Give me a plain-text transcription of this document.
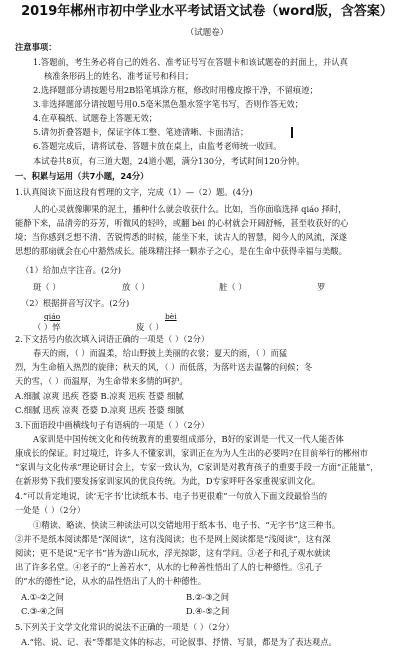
2019年郴州市初中学业水平考试语文试卷（word版，含答案）
（试题卷）
注意事项：
1.答题前，考生务必将自己的姓名、准考证号写在答题卡和该试题卷的封面上，并认真
核准条形码上的姓名、准考证号和科目；
2.选择题部分请按题号用2B铅笔填涂方框，修改时用橡皮擦干净，不留痕迹；
3.非选择题部分请按题号用0.5毫米黑色墨水签字笔书写，否则作答无效；
4.在草稿纸、试题卷上答题无效；
5.请勿折叠答题卡，保证字体工整、笔迹清晰、卡面清洁；
6.答题完成后，请将试卷、答题卡放在桌上，由监考老师统一收回。
本试卷共8页，有三道大题，24道小题，满分130分，考试时间120分钟。
一、积累与运用（共7小题，24分）
1.认真阅读下面这段有哲理的文字，完成（1）—（2）题。(4分)
人的心灵就像聊果的泥土，播种什么就会收获什么。比如，当你面临选择 qiáo 择时，
能静下来，品清旁的芬芳，听微风的轻吟，或翻 bèi 的心材就会开阔舒畅，甚至收获好的心
境；当你感到乏想不清、苦锐愕悉的时候，能坐下来，读古人的智慧，阅今人的风流，深遂
思想的那扇就会在心中豁然成长。能珠精注择一颗赤子之心，是在生命中获得幸福与美酸。
（1）给加点字注音。(2分)
斑（ ）	放（ ）	脏（ ）	罗
（2）根据拼音写汉字。(2分)
qiáo	bèi
（ ）悴	废（ ）
2.下文括号内依次填入词语正确的一项是（ ）（2分）
春天的雨，（ ）而温柔，给山野披上美丽的衣裳；夏天的雨，（ ）而猛
烈，为生命植入热烈的旋律；秋天的风，（ ）而低落，为落叶送去温馨的问候；冬
天的雪，（ ）而温厚，为生命带来多情的呵护。
A.细腻 凉爽 迅疾 苍婆 B.凉爽 迅疾 苍婆 细腻
C.细腻 迅疾 凉爽 苍婆 D.凉爽 迅疾 苍婆 细腻
3.下面语段中画横线句子有语病的一项是（ ）（2分）
A家训是中国传统文化和传统教育的重要组成部分，B好的家训是一代又一代人能否体
康成长的保证。时过境迁，许多人不懂家训，家训正在为为人生出的必要吗?在目前举行的郴州市
“家训与文化传承”理论研讨会上，专家一致认为，C家训是对教育孩子的重要手段一方面“正能量”，
在新形势下我们要发扬家训家风的优良传统。为此，D专家呼吁各家重视家训文化。
4.“可以肯定地说，读‘无字书’比读纸本书、电子书更很难”一句放入下面文段最恰当的
一处是（ ）（2分）
①精读、略读、快读三种读法可以交错地用于纸本书、电子书、“无字书”这三种书。
②并不是纸本阅读都是“深阅读”，这有浅阅读；也不是网上阅读都是“浅阅读”，这有深
阅读；更不是说“无字书”皆为游山玩水，浮光掠影，这有学问。③老子和孔子观水就读
出了许多名堂。④老子的“上善若水”，从水的七种善性悟出了人的七种德性。⑤孔子
的“水的德性”论，从水的品性悟出了人的十种德性。
A.①-②之间	B.②-③之间
C.③-④之间	D.④-⑤之间
5.下列关于文学文化常识的说法不正确的一项是（ ）（2分）
A.“铭、说、记、表”等都是文体的标志，可论叙事、抒情、写景，都是为了表达观点。
